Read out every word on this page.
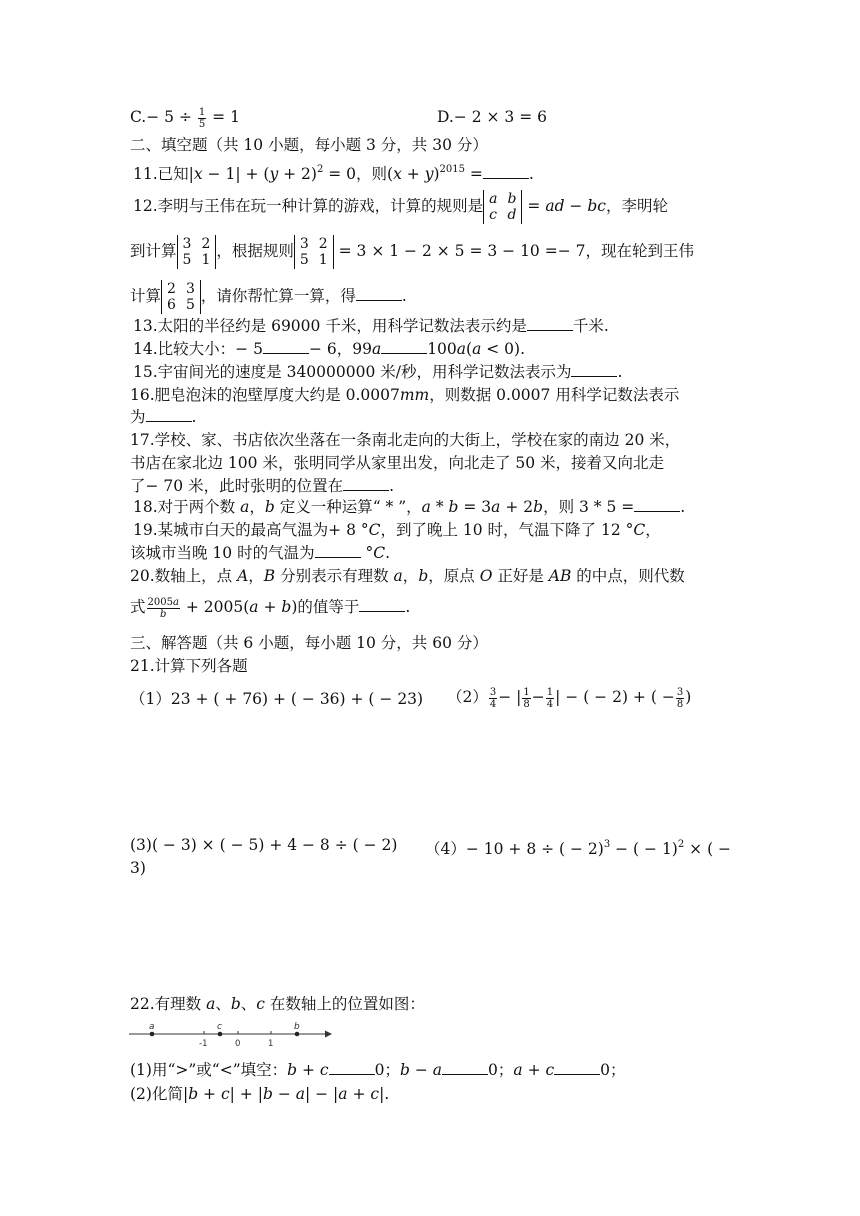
$C.- 5 \div \frac{1}{5} = 1$	D.− 2 × 3 = 6
二、填空题（共 10 小题，每小题 3 分，共 30 分）
11.已知$|x - 1| + (y + 2)^2 = 0$，则$(x + y)^{2015}$ =	.
12.李明与王伟在玩一种计算的游戏，计算的规则是 a b
c d = ad − bc，李明轮
到计算 3 2
5 1 ，根据规则 3 2
5 1 = 3 × 1 − 2 × 5 = 3 − 10 =− 7，现在轮到王伟
计算 2 3
6 5 ，请你帮忙算一算，得	.
13.太阳的半径约是 69000 千米，用科学记数法表示约是	千米.
14.比较大小：− 5	− 6，99a	100a(a < 0).
15.宇宙间光的速度是 340000000 米/秒，用科学记数法表示为	.
16.肥皂泡沫的泡壁厚度大约是 0.0007mm，则数据 0.0007 用科学记数法表示
为	.
17.学校、家、书店依次坐落在一条南北走向的大街上，学校在家的南边 20 米，
书店在家北边 100 米，张明同学从家里出发，向北走了 50 米，接着又向北走
了− 70 米，此时张明的位置在	.
18.对于两个数 a，b 定义一种运算“ * ”，a * b = 3a + 2b，则 3 * 5 =	.
19.某城市白天的最高气温为+ 8 °C，到了晚上 10 时，气温下降了 12 °C，
该城市当晚 10 时的气温为	°C.
20.数轴上，点 A，B 分别表示有理数 a，b，原点 O 正好是 AB 的中点，则代数
式 $\frac{2005a}{b} + 2005(a + b)$的值等于	.
三、解答题（共 6 小题，每小题 10 分，共 60 分）
21.计算下列各题
（1）23 + ( + 76) + ( − 36) + ( − 23) $(2) \frac{3}{4}$ − | $\frac{1}{8} - \frac{1}{4}$ | − ( − 2) + ( − $\frac{3}{8}$ )
(3)( − 3) × ( − 5) + 4 − 8 ÷ ( − 2) （4）− 10 + 8 ÷ ( − 2)$^3$ − ( − 1)$^2$ × ( −
3)
22.有理数 a、b、c 在数轴上的位置如图：
a	c	b
-1	0	1
(1)用“>”或“<”填空：b + c	0；b − a	0；a + c	0；
(2)化简|b + c| + |b − a| − |a + c|.
